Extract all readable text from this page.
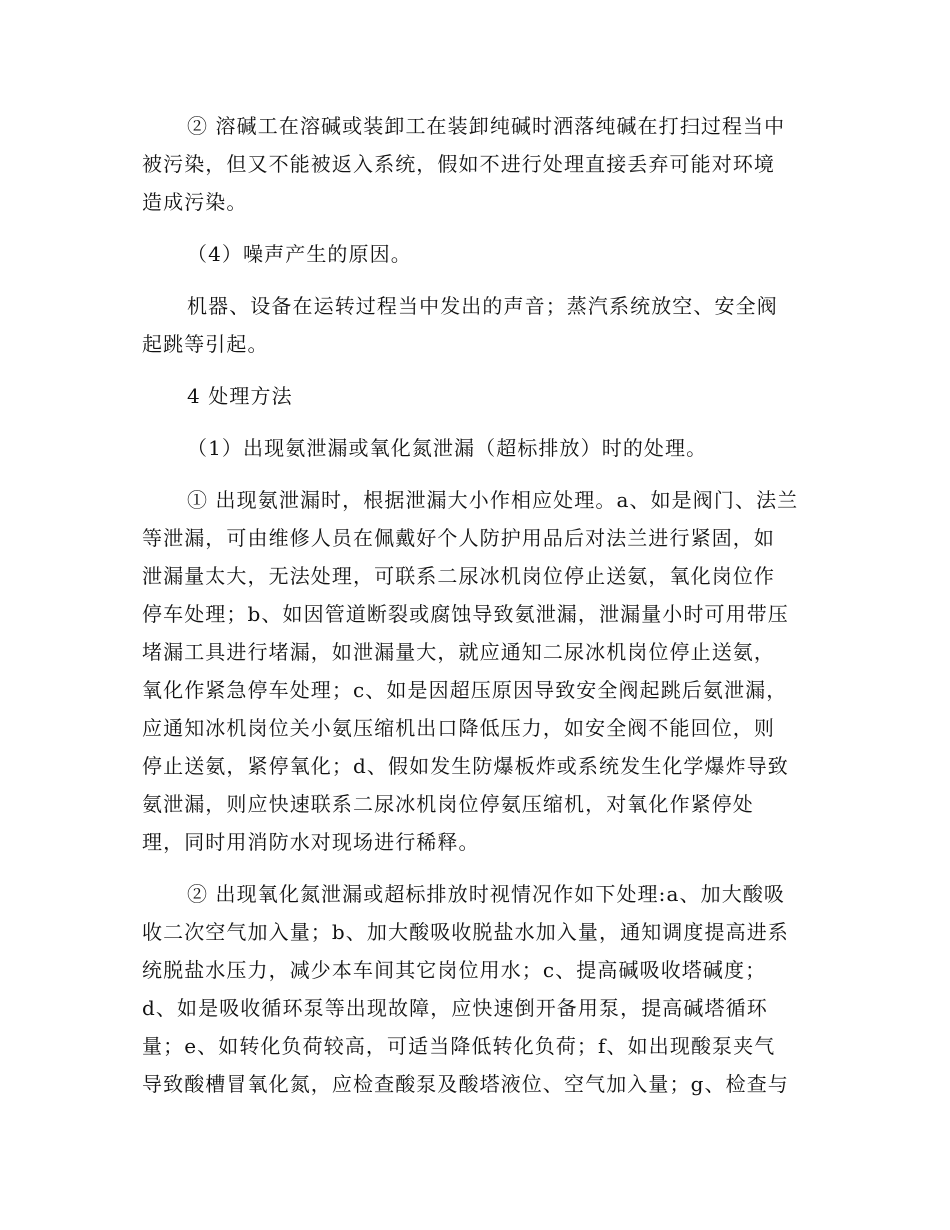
② 溶碱工在溶碱或装卸工在装卸纯碱时洒落纯碱在打扫过程当中
被污染，但又不能被返入系统，假如不进行处理直接丢弃可能对环境
造成污染。
（4）噪声产生的原因。
机器、设备在运转过程当中发出的声音；蒸汽系统放空、安全阀
起跳等引起。
4 处理方法
（1）出现氨泄漏或氧化氮泄漏（超标排放）时的处理。
① 出现氨泄漏时，根据泄漏大小作相应处理。a、如是阀门、法兰
等泄漏，可由维修人员在佩戴好个人防护用品后对法兰进行紧固，如
泄漏量太大，无法处理，可联系二尿冰机岗位停止送氨，氧化岗位作
停车处理；b、如因管道断裂或腐蚀导致氨泄漏，泄漏量小时可用带压
堵漏工具进行堵漏，如泄漏量大，就应通知二尿冰机岗位停止送氨，
氧化作紧急停车处理；c、如是因超压原因导致安全阀起跳后氨泄漏，
应通知冰机岗位关小氨压缩机出口降低压力，如安全阀不能回位，则
停止送氨，紧停氧化；d、假如发生防爆板炸或系统发生化学爆炸导致
氨泄漏，则应快速联系二尿冰机岗位停氨压缩机，对氧化作紧停处
理，同时用消防水对现场进行稀释。
② 出现氧化氮泄漏或超标排放时视情况作如下处理:a、加大酸吸
收二次空气加入量；b、加大酸吸收脱盐水加入量，通知调度提高进系
统脱盐水压力，减少本车间其它岗位用水；c、提高碱吸收塔碱度；
d、如是吸收循环泵等出现故障，应快速倒开备用泵，提高碱塔循环
量；e、如转化负荷较高，可适当降低转化负荷；f、如出现酸泵夹气
导致酸槽冒氧化氮，应检查酸泵及酸塔液位、空气加入量；g、检查与
